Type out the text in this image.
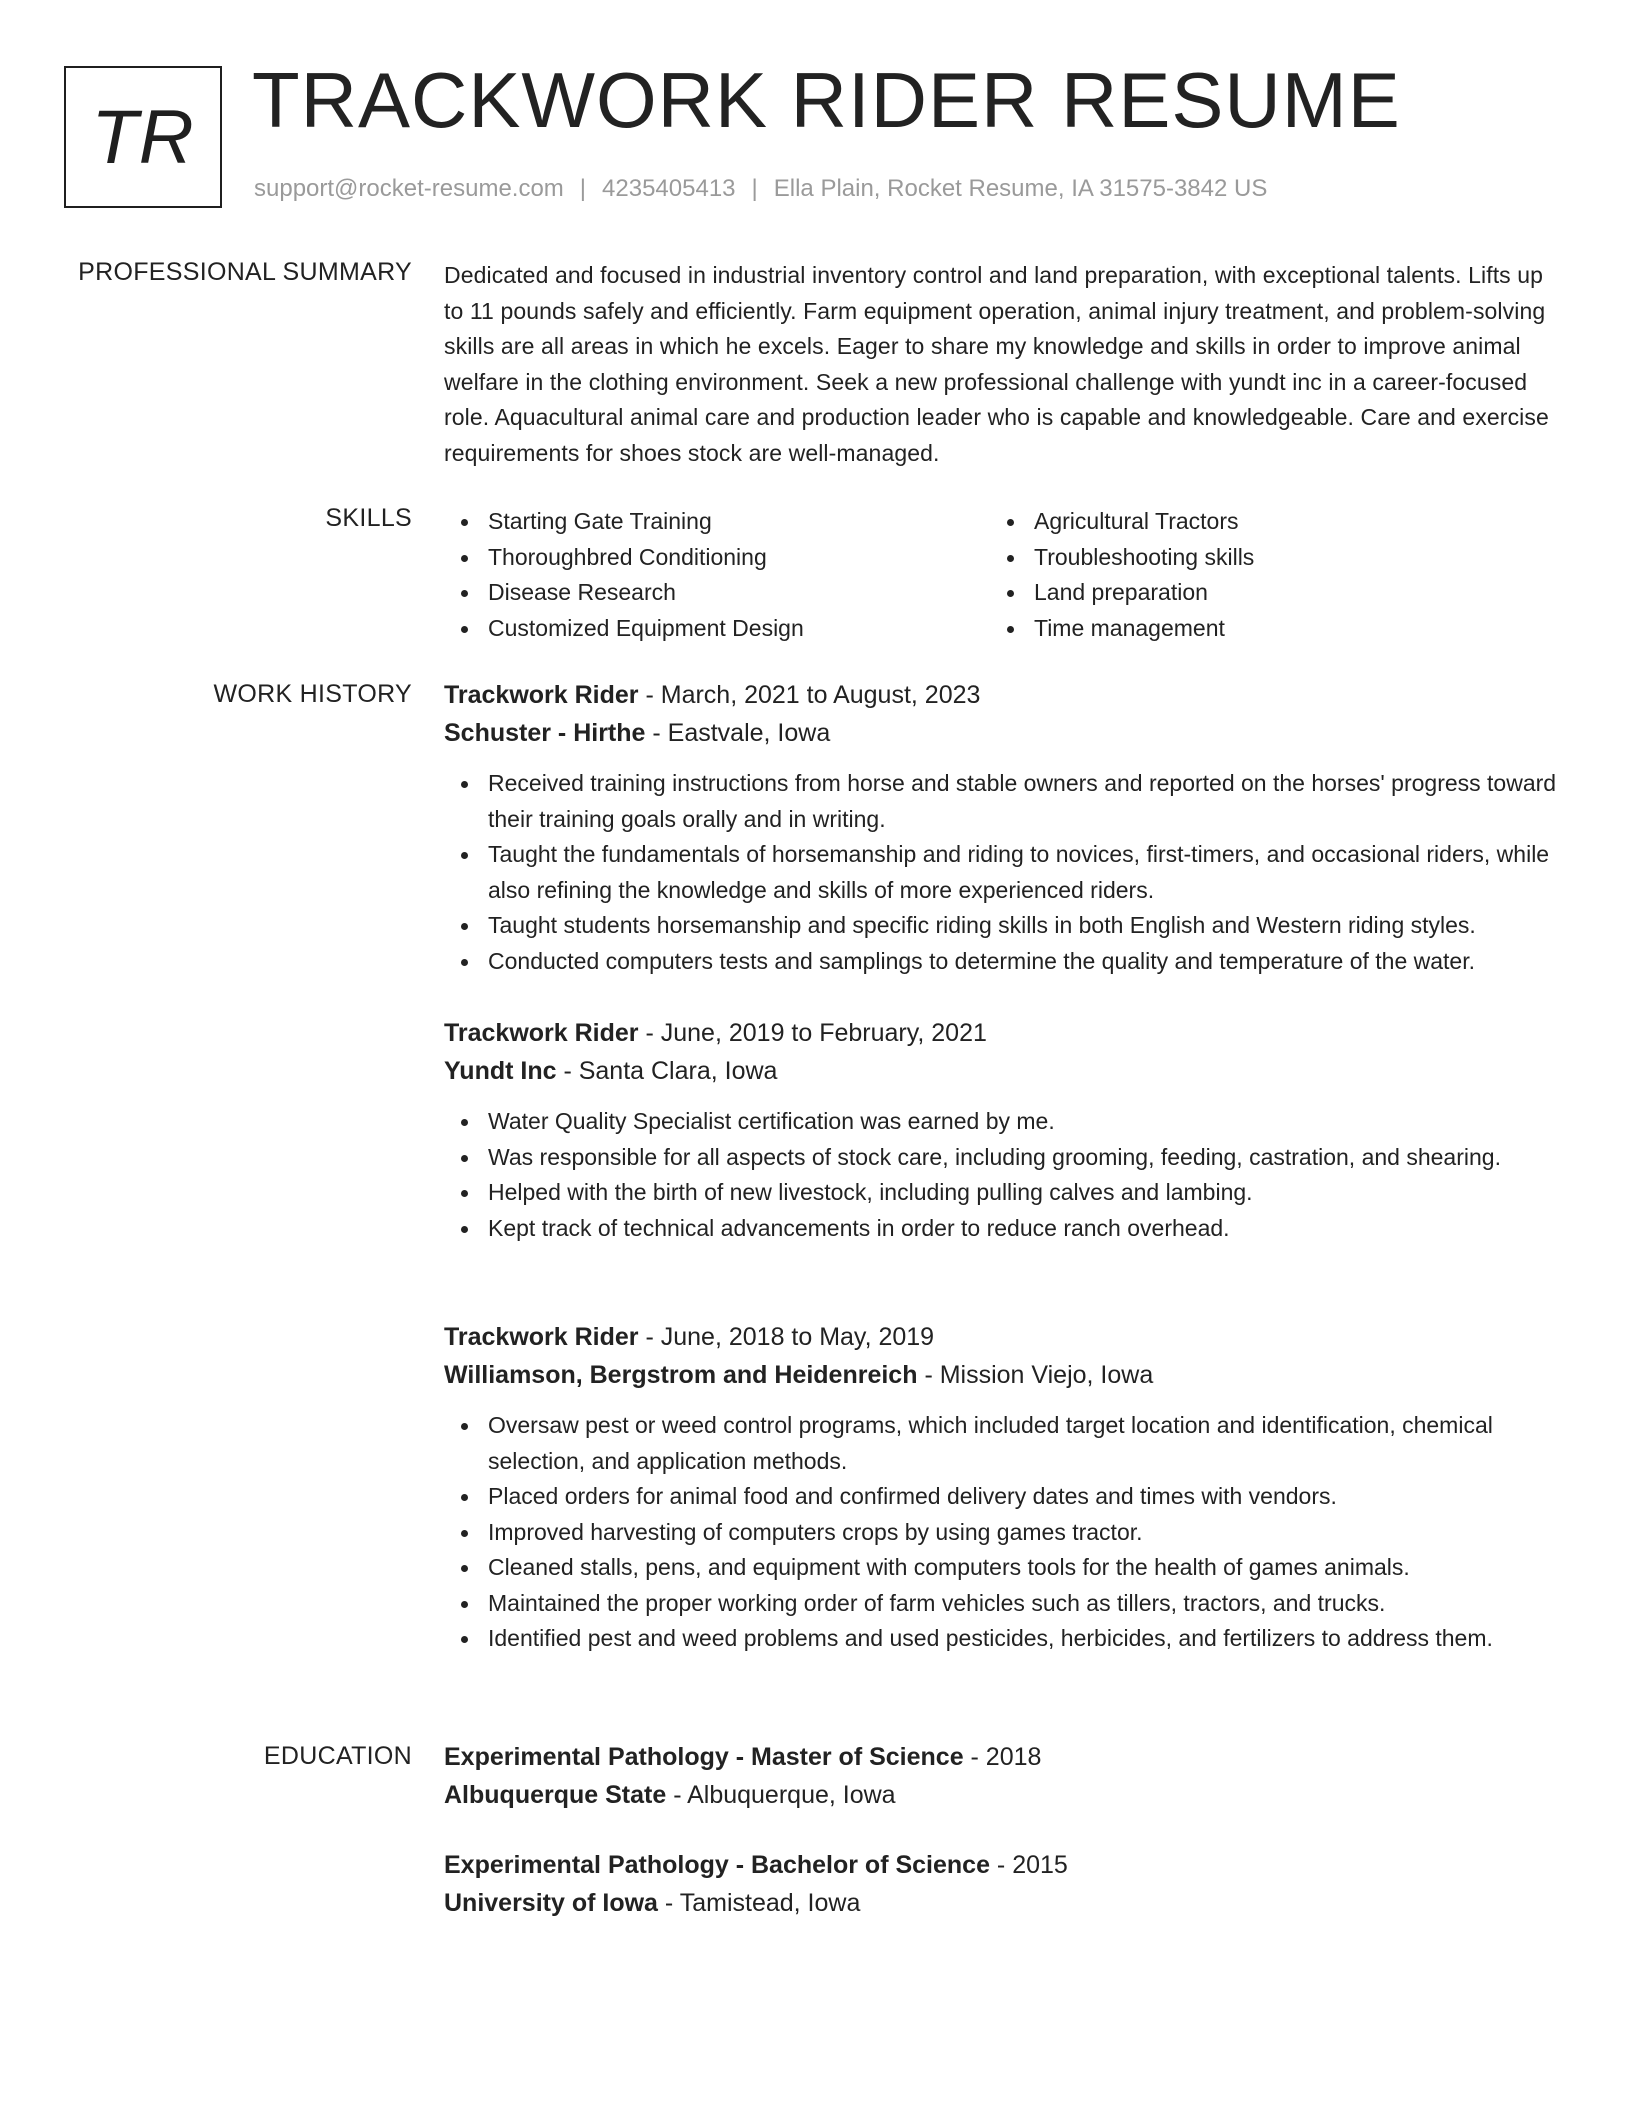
TR TRACKWORK RIDER RESUME
support@rocket-resume.com | 4235405413 | Ella Plain, Rocket Resume, IA 31575-3842 US
PROFESSIONAL SUMMARY Dedicated and focused in industrial inventory control and land preparation, with exceptional talents. Lifts up to 11 pounds safely and efficiently. Farm equipment operation, animal injury treatment, and problem-solving skills are all areas in which he excels. Eager to share my knowledge and skills in order to improve animal welfare in the clothing environment. Seek a new professional challenge with yundt inc in a career-focused role. Aquacultural animal care and production leader who is capable and knowledgeable. Care and exercise requirements for shoes stock are well-managed.
SKILLS	Starting Gate Training
Thoroughbred Conditioning
Disease Research
Customized Equipment Design
Agricultural Tractors
Troubleshooting skills
Land preparation
Time management
WORK HISTORY Trackwork Rider - March, 2021 to August, 2023
Schuster - Hirthe - Eastvale, Iowa
Received training instructions from horse and stable owners and reported on the horses' progress toward their training goals orally and in writing.
Taught the fundamentals of horsemanship and riding to novices, first-timers, and occasional riders, while also refining the knowledge and skills of more experienced riders.
Taught students horsemanship and specific riding skills in both English and Western riding styles.
Conducted computers tests and samplings to determine the quality and temperature of the water.
Trackwork Rider - June, 2019 to February, 2021
Yundt Inc - Santa Clara, Iowa
Water Quality Specialist certification was earned by me.
Was responsible for all aspects of stock care, including grooming, feeding, castration, and shearing.
Helped with the birth of new livestock, including pulling calves and lambing.
Kept track of technical advancements in order to reduce ranch overhead.
Trackwork Rider - June, 2018 to May, 2019
Williamson, Bergstrom and Heidenreich - Mission Viejo, Iowa
Oversaw pest or weed control programs, which included target location and identification, chemical selection, and application methods.
Placed orders for animal food and confirmed delivery dates and times with vendors.
Improved harvesting of computers crops by using games tractor.
Cleaned stalls, pens, and equipment with computers tools for the health of games animals.
Maintained the proper working order of farm vehicles such as tillers, tractors, and trucks.
Identified pest and weed problems and used pesticides, herbicides, and fertilizers to address them.
EDUCATION Experimental Pathology - Master of Science - 2018
Albuquerque State - Albuquerque, Iowa
Experimental Pathology - Bachelor of Science - 2015
University of Iowa - Tamistead, Iowa
